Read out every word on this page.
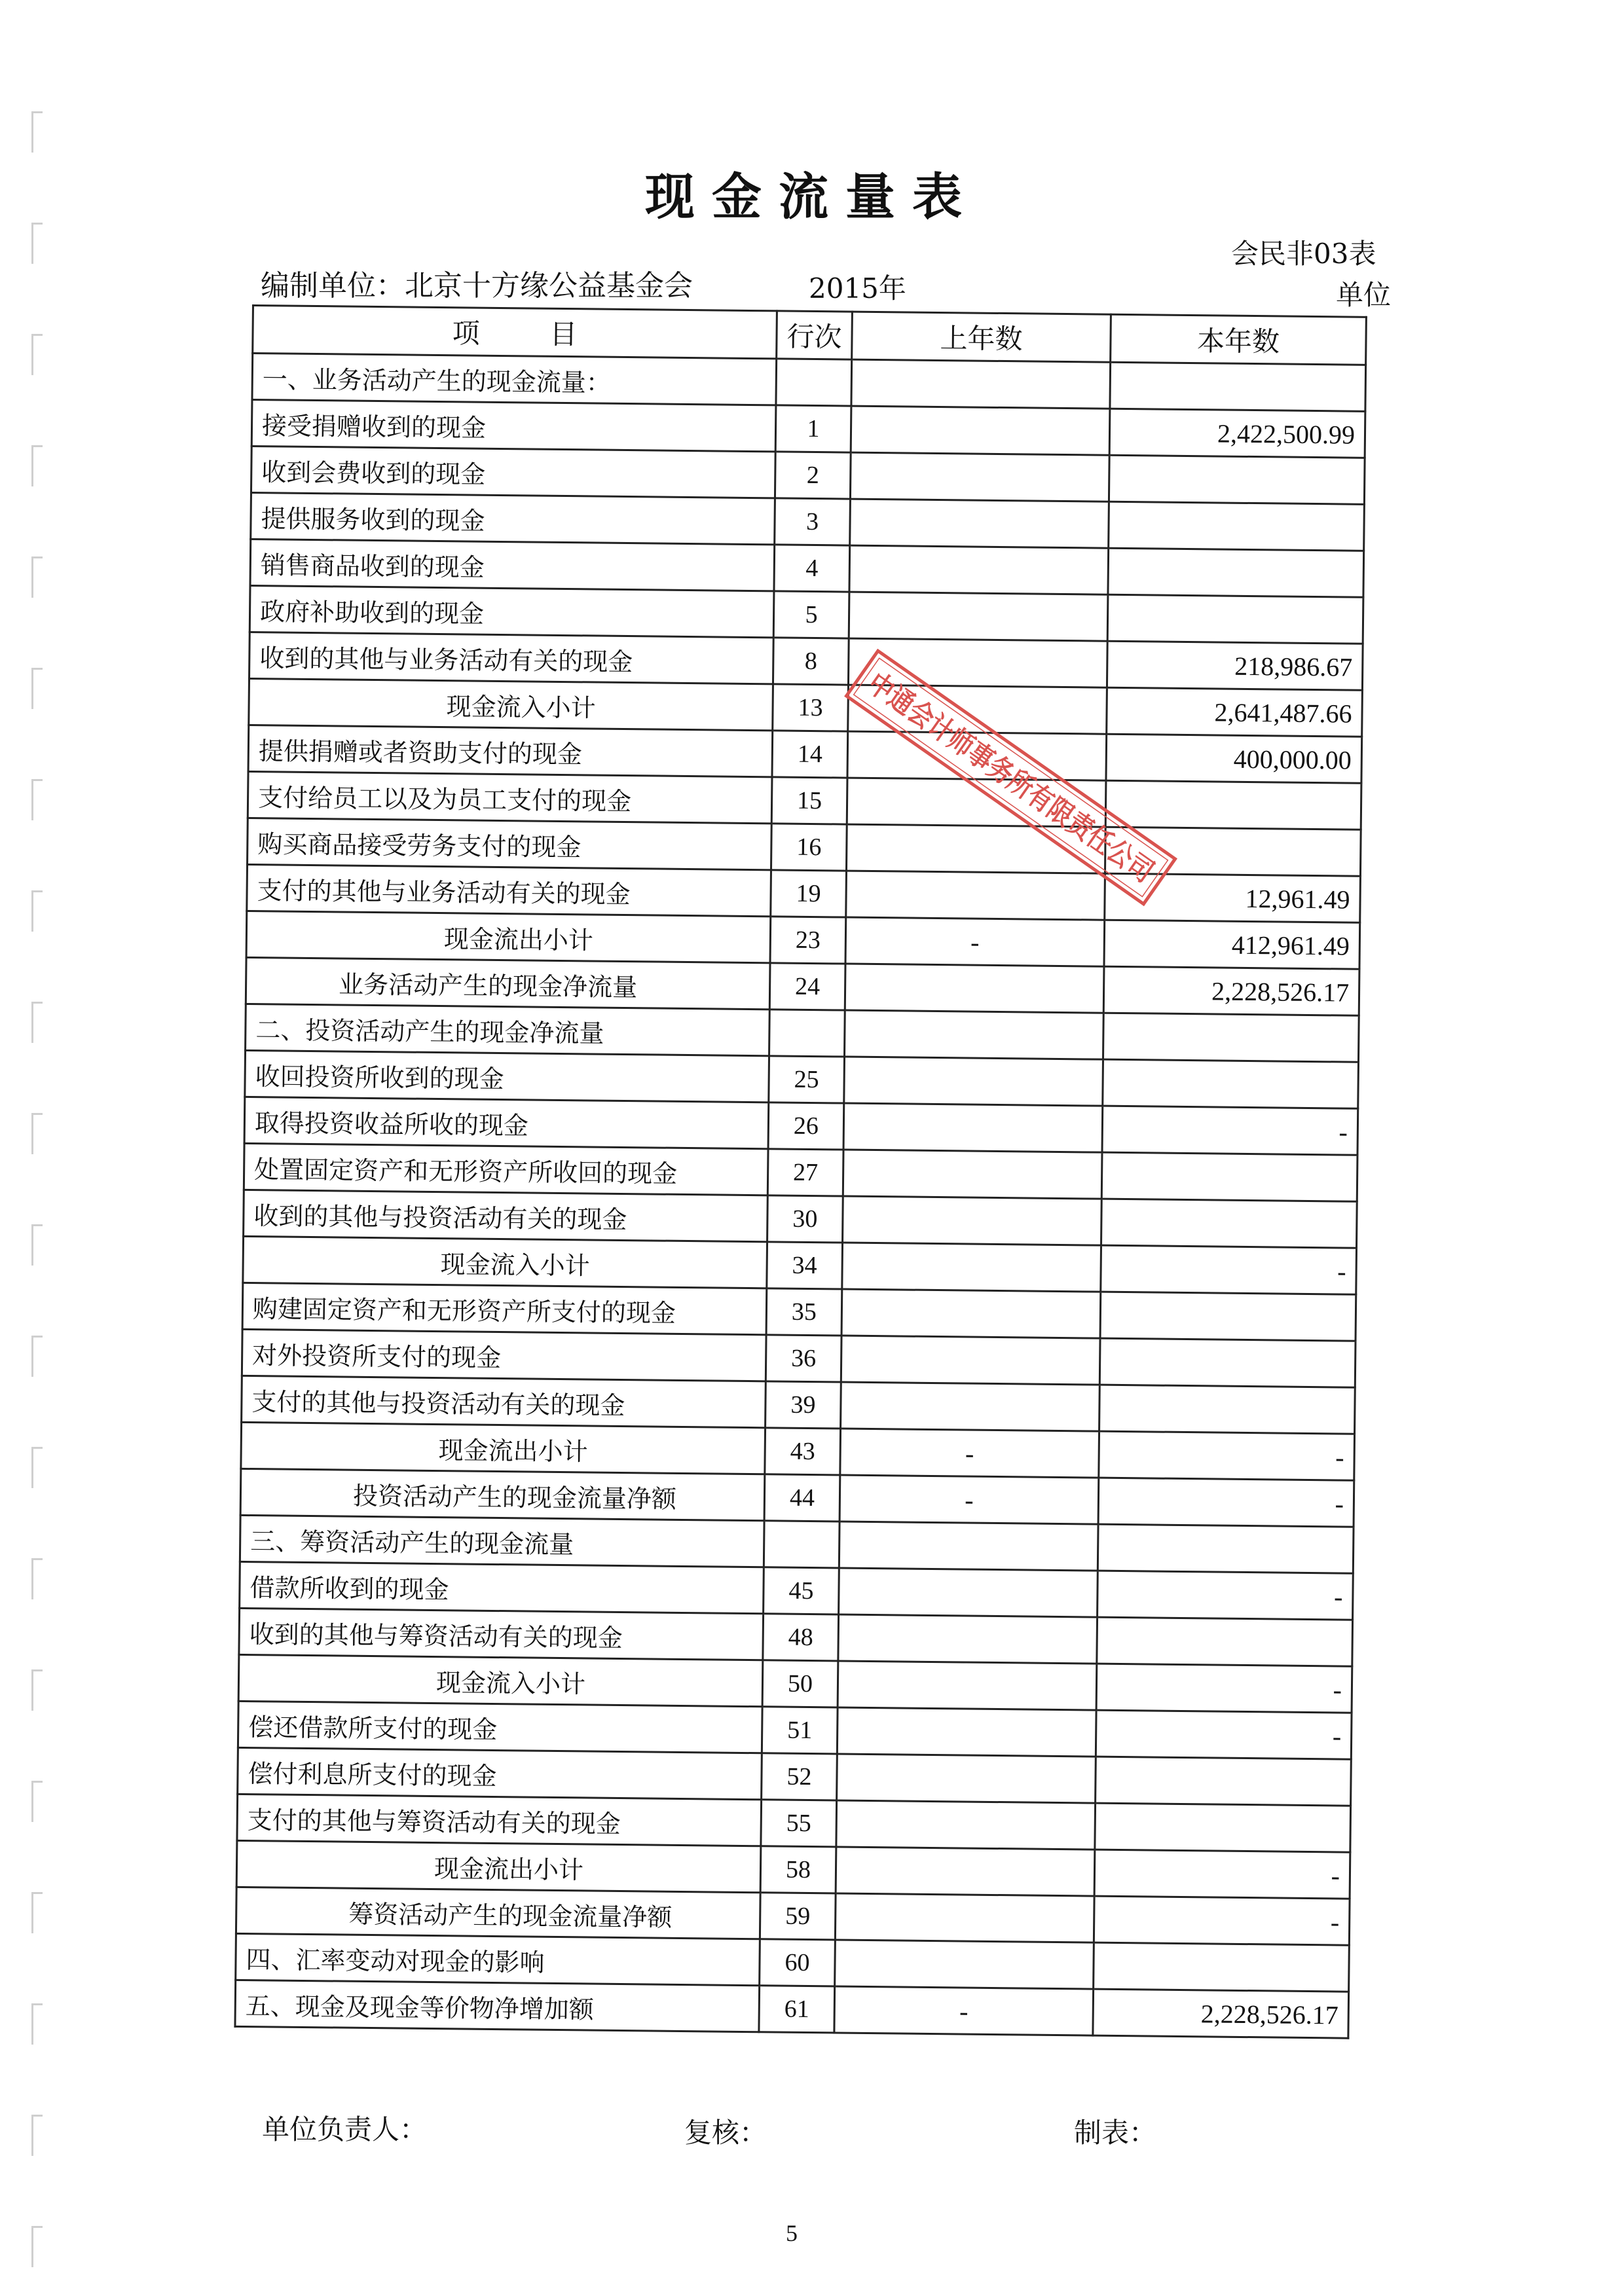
现金流量表
会民非03表
编制单位：北京十方缘公益基金会	2015年	单位
项        目	行次	上年数	本年数
一、业务活动产生的现金流量：			
接受捐赠收到的现金	1		2,422,500.99
收到会费收到的现金	2		
提供服务收到的现金	3		
销售商品收到的现金	4		
政府补助收到的现金	5		
收到的其他与业务活动有关的现金	8		218,986.67
现金流入小计	13		2,641,487.66
提供捐赠或者资助支付的现金	14		400,000.00
支付给员工以及为员工支付的现金	15		
购买商品接受劳务支付的现金	16		
支付的其他与业务活动有关的现金	19		12,961.49
现金流出小计	23	-	412,961.49
业务活动产生的现金净流量	24		2,228,526.17
二、投资活动产生的现金净流量			
收回投资所收到的现金	25		
取得投资收益所收的现金	26		-
处置固定资产和无形资产所收回的现金	27		
收到的其他与投资活动有关的现金	30		
现金流入小计	34		-
购建固定资产和无形资产所支付的现金	35		
对外投资所支付的现金	36		
支付的其他与投资活动有关的现金	39		
现金流出小计	43	-	-
投资活动产生的现金流量净额	44	-	-
三、筹资活动产生的现金流量			
借款所收到的现金	45		-
收到的其他与筹资活动有关的现金	48		
现金流入小计	50		-
偿还借款所支付的现金	51		-
偿付利息所支付的现金	52		
支付的其他与筹资活动有关的现金	55		
现金流出小计	58		-
筹资活动产生的现金流量净额	59		-
四、汇率变动对现金的影响	60		
五、现金及现金等价物净增加额	61	-	2,228,526.17
中通会计师事务所有限责任公司
单位负责人：	复核：	制表：
5
